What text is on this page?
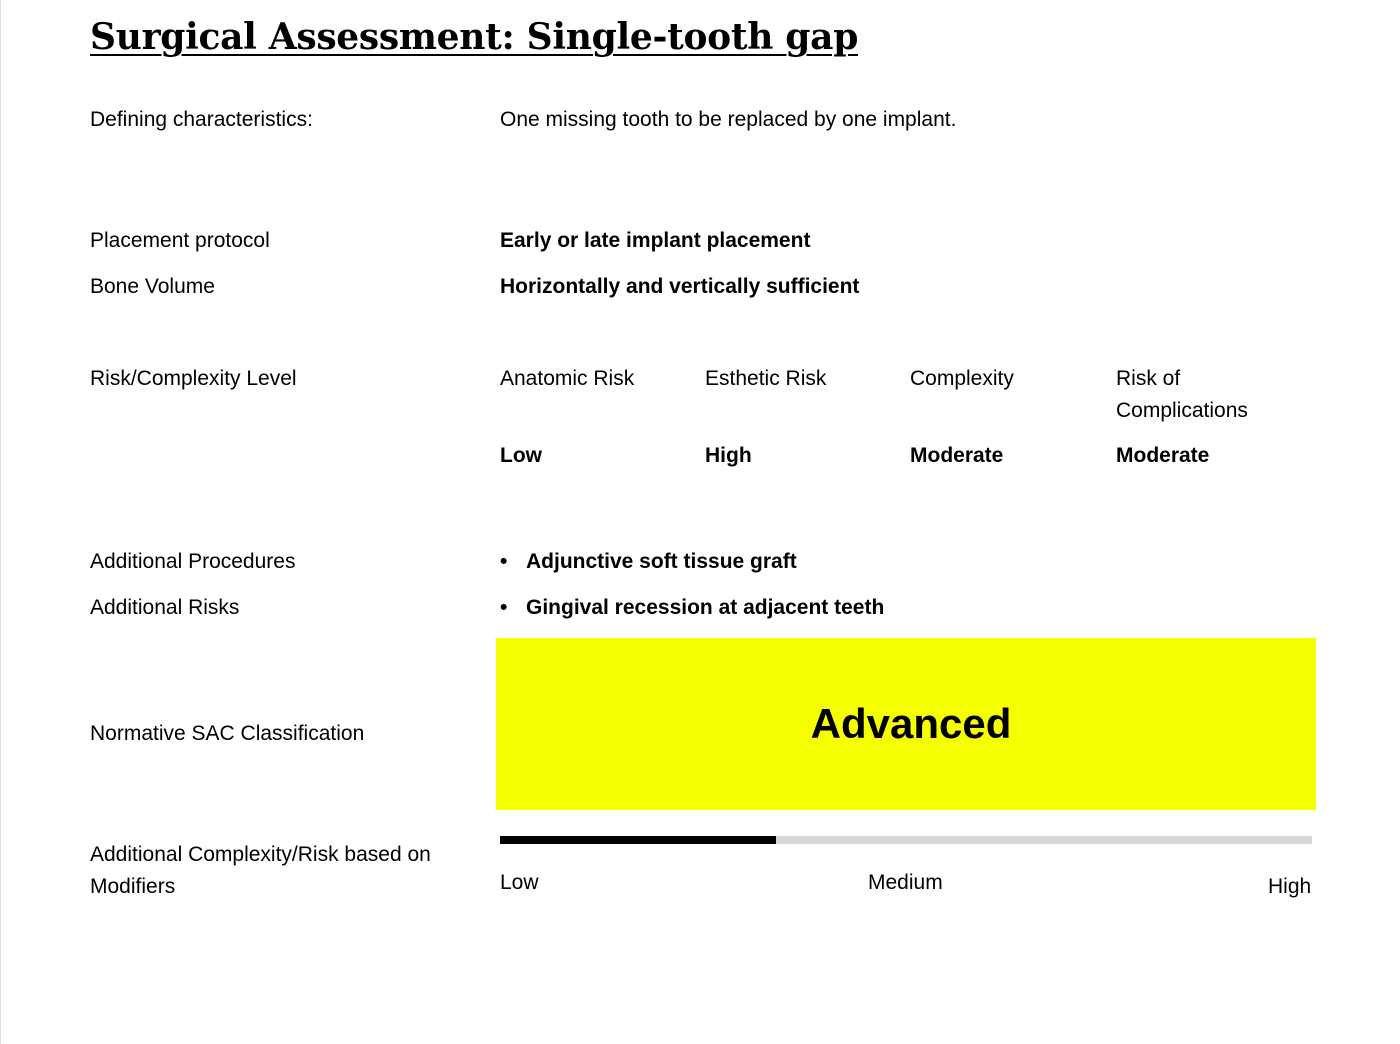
Surgical Assessment: Single-tooth gap
Defining characteristics:	One missing tooth to be replaced by one implant.
Placement protocol	Early or late implant placement
Bone Volume	Horizontally and vertically sufficient
Risk/Complexity Level	Anatomic Risk	Esthetic Risk	Complexity	Risk of Complications
Low	High	Moderate	Moderate
Additional Procedures	• Adjunctive soft tissue graft
Additional Risks	• Gingival recession at adjacent teeth
Normative SAC Classification	Advanced
Additional Complexity/Risk based on Modifiers	Low	Medium	High
